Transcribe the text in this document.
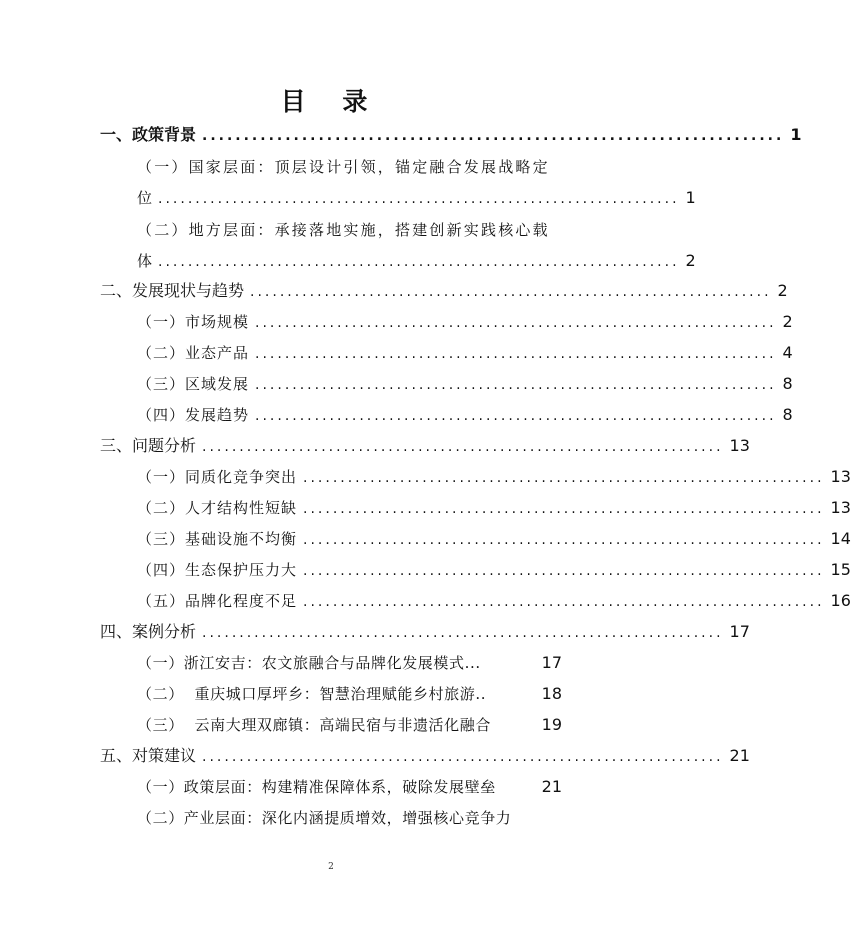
目 录
一、政策背景 ...................................................................... 1
（一）国家层面：顶层设计引领，锚定融合发展战略定
位 ...................................................................... 1
（二）地方层面：承接落地实施，搭建创新实践核心载
体 ...................................................................... 2
二、发展现状与趋势 ...................................................................... 2
（一）市场规模 ...................................................................... 2
（二）业态产品 ...................................................................... 4
（三）区域发展 ...................................................................... 8
（四）发展趋势 ...................................................................... 8
三、问题分析 ...................................................................... 13
（一）同质化竞争突出 ...................................................................... 13
（二）人才结构性短缺 ...................................................................... 13
（三）基础设施不均衡 ...................................................................... 14
（四）生态保护压力大 ...................................................................... 15
（五）品牌化程度不足 ...................................................................... 16
四、案例分析 ...................................................................... 17
（一）浙江安吉：农文旅融合与品牌化发展模式...	17
（二）  重庆城口厚坪乡：智慧治理赋能乡村旅游..	18
（三）  云南大理双廊镇：高端民宿与非遗活化融合	19
五、对策建议 ...................................................................... 21
（一）政策层面：构建精准保障体系，破除发展壁垒	21
（二）产业层面：深化内涵提质增效，增强核心竞争力
2
